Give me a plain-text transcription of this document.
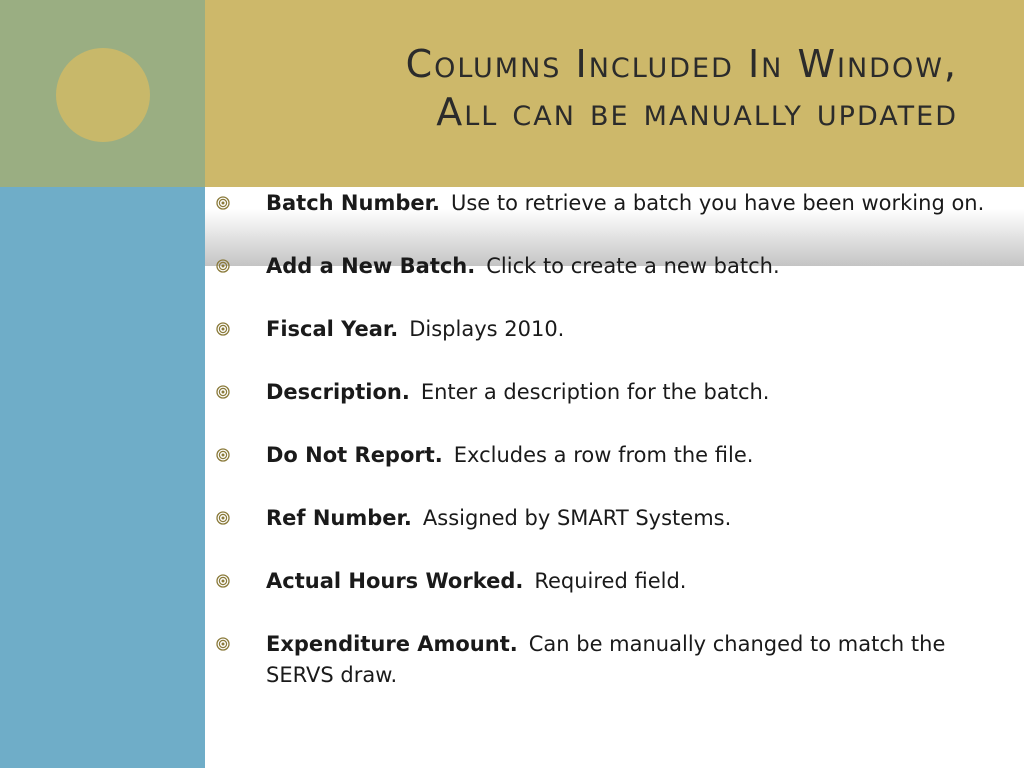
Columns Included In Window,
All can be manually updated
Batch Number. Use to retrieve a batch you have been working on.
Add a New Batch. Click to create a new batch.
Fiscal Year. Displays 2010.
Description. Enter a description for the batch.
Do Not Report. Excludes a row from the file.
Ref Number. Assigned by SMART Systems.
Actual Hours Worked. Required field.
Expenditure Amount. Can be manually changed to match the SERVS draw.
